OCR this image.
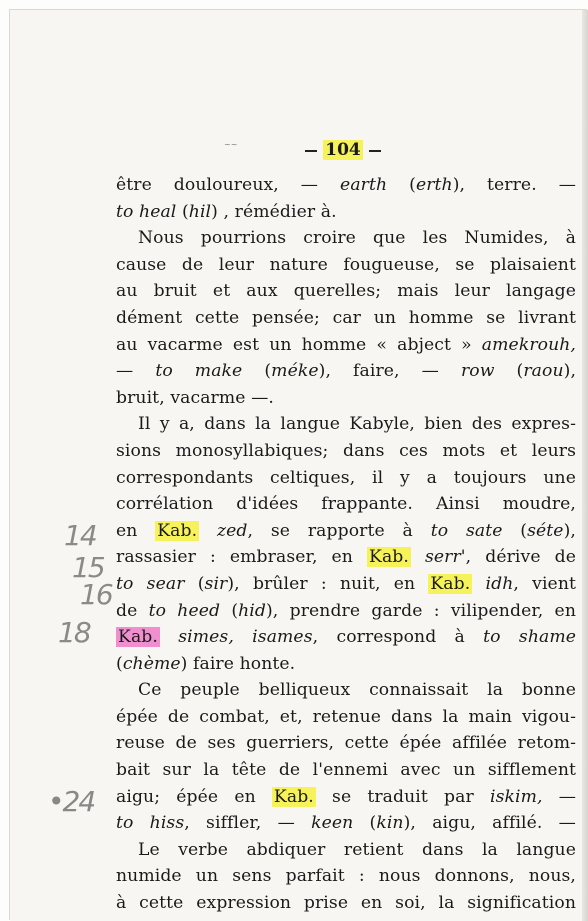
~~	104
14
15
16
18
•24
être douloureux, — earth (erth), terre. —
to heal (hil) , rémédier à.
Nous pourrions croire que les Numides, à
cause de leur nature fougueuse, se plaisaient
au bruit et aux querelles; mais leur langage
dément cette pensée; car un homme se livrant
au vacarme est un homme « abject » amekrouh,
— to make (méke), faire, — row (raou),
bruit, vacarme —.
Il y a, dans la langue Kabyle, bien des expres-
sions monosyllabiques; dans ces mots et leurs
correspondants celtiques, il y a toujours une
corrélation d'idées frappante. Ainsi moudre,
en Kab. zed, se rapporte à to sate (séte),
rassasier : embraser, en Kab. serr', dérive de
to sear (sir), brûler : nuit, en Kab. idh, vient
de to heed (hid), prendre garde : vilipender, en
Kab. simes, isames, correspond à to shame
(chème) faire honte.
Ce peuple belliqueux connaissait la bonne
épée de combat, et, retenue dans la main vigou-
reuse de ses guerriers, cette épée affilée retom-
bait sur la tête de l'ennemi avec un sifflement
aigu; épée en Kab. se traduit par iskim, —
to hiss, siffler, — keen (kin), aigu, affilé. —
Le verbe abdiquer retient dans la langue
numide un sens parfait : nous donnons, nous,
à cette expression prise en soi, la signification
